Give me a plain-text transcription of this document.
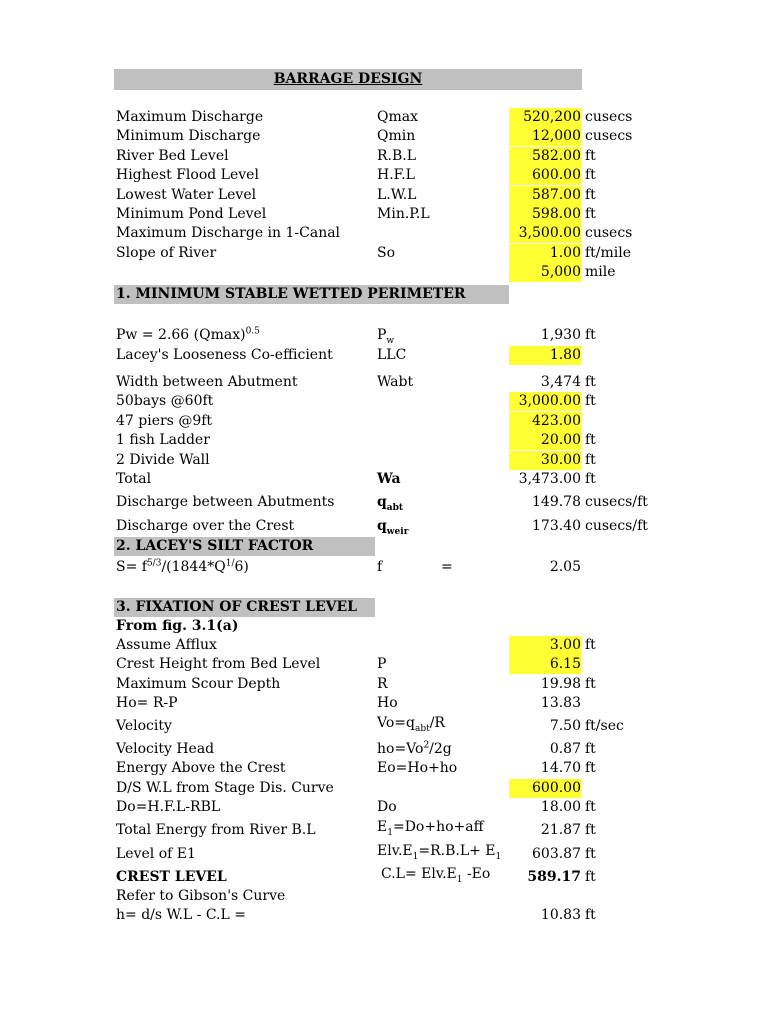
BARRAGE DESIGN
Maximum Discharge	Qmax	520,200 cusecs
Minimum Discharge	Qmin	12,000 cusecs
River Bed Level	R.B.L	582.00 ft
Highest Flood Level	H.F.L	600.00 ft
Lowest Water Level	L.W.L	587.00 ft
Minimum Pond Level	Min.P.L	598.00 ft
Maximum Discharge in 1-Canal	3,500.00 cusecs
Slope of River	So	1.00 ft/mile
5,000 mile
1. MINIMUM STABLE WETTED PERIMETER
Pw = 2.66 $(Qmax)^{0.5}$	$P_w$	1,930 ft
Lacey's Looseness Co-efficient	LLC	1.80
Width between Abutment	Wabt	3,474 ft
50bays @60ft	3,000.00 ft
47 piers @9ft	423.00
1 fish Ladder	20.00 ft
2 Divide Wall	30.00 ft
Total	Wa	3,473.00 ft
Discharge between Abutments	$q_{abt}$	149.78 cusecs/ft
Discharge over the Crest	$q_{weir}$	173.40 cusecs/ft
2. LACEY'S SILT FACTOR
$S= f^{5/3}/(1844*Q^{1/}6)$	f	=	2.05
3. FIXATION OF CREST LEVEL
From fig. 3.1(a)
Assume Afflux	3.00 ft
Crest Height from Bed Level	P	6.15
Maximum Scour Depth	R	19.98 ft
Ho= R-P	Ho	13.83
Velocity	$Vo=q_{abt}/R$	7.50 ft/sec
Velocity Head	$ho=Vo^2/2g$	0.87 ft
Energy Above the Crest	Eo=Ho+ho	14.70 ft
D/S W.L from Stage Dis. Curve	600.00
Do=H.F.L-RBL	Do	18.00 ft
Total Energy from River B.L	$E_1=Do+ho+aff$	21.87 ft
Level of E1	$Elv.E_1=R.B.L+ E_1$	603.87 ft
CREST LEVEL	$C.L= Elv.E_1$ -Eo	589.17 ft
Refer to Gibson's Curve
h= d/s W.L - C.L =	10.83 ft
